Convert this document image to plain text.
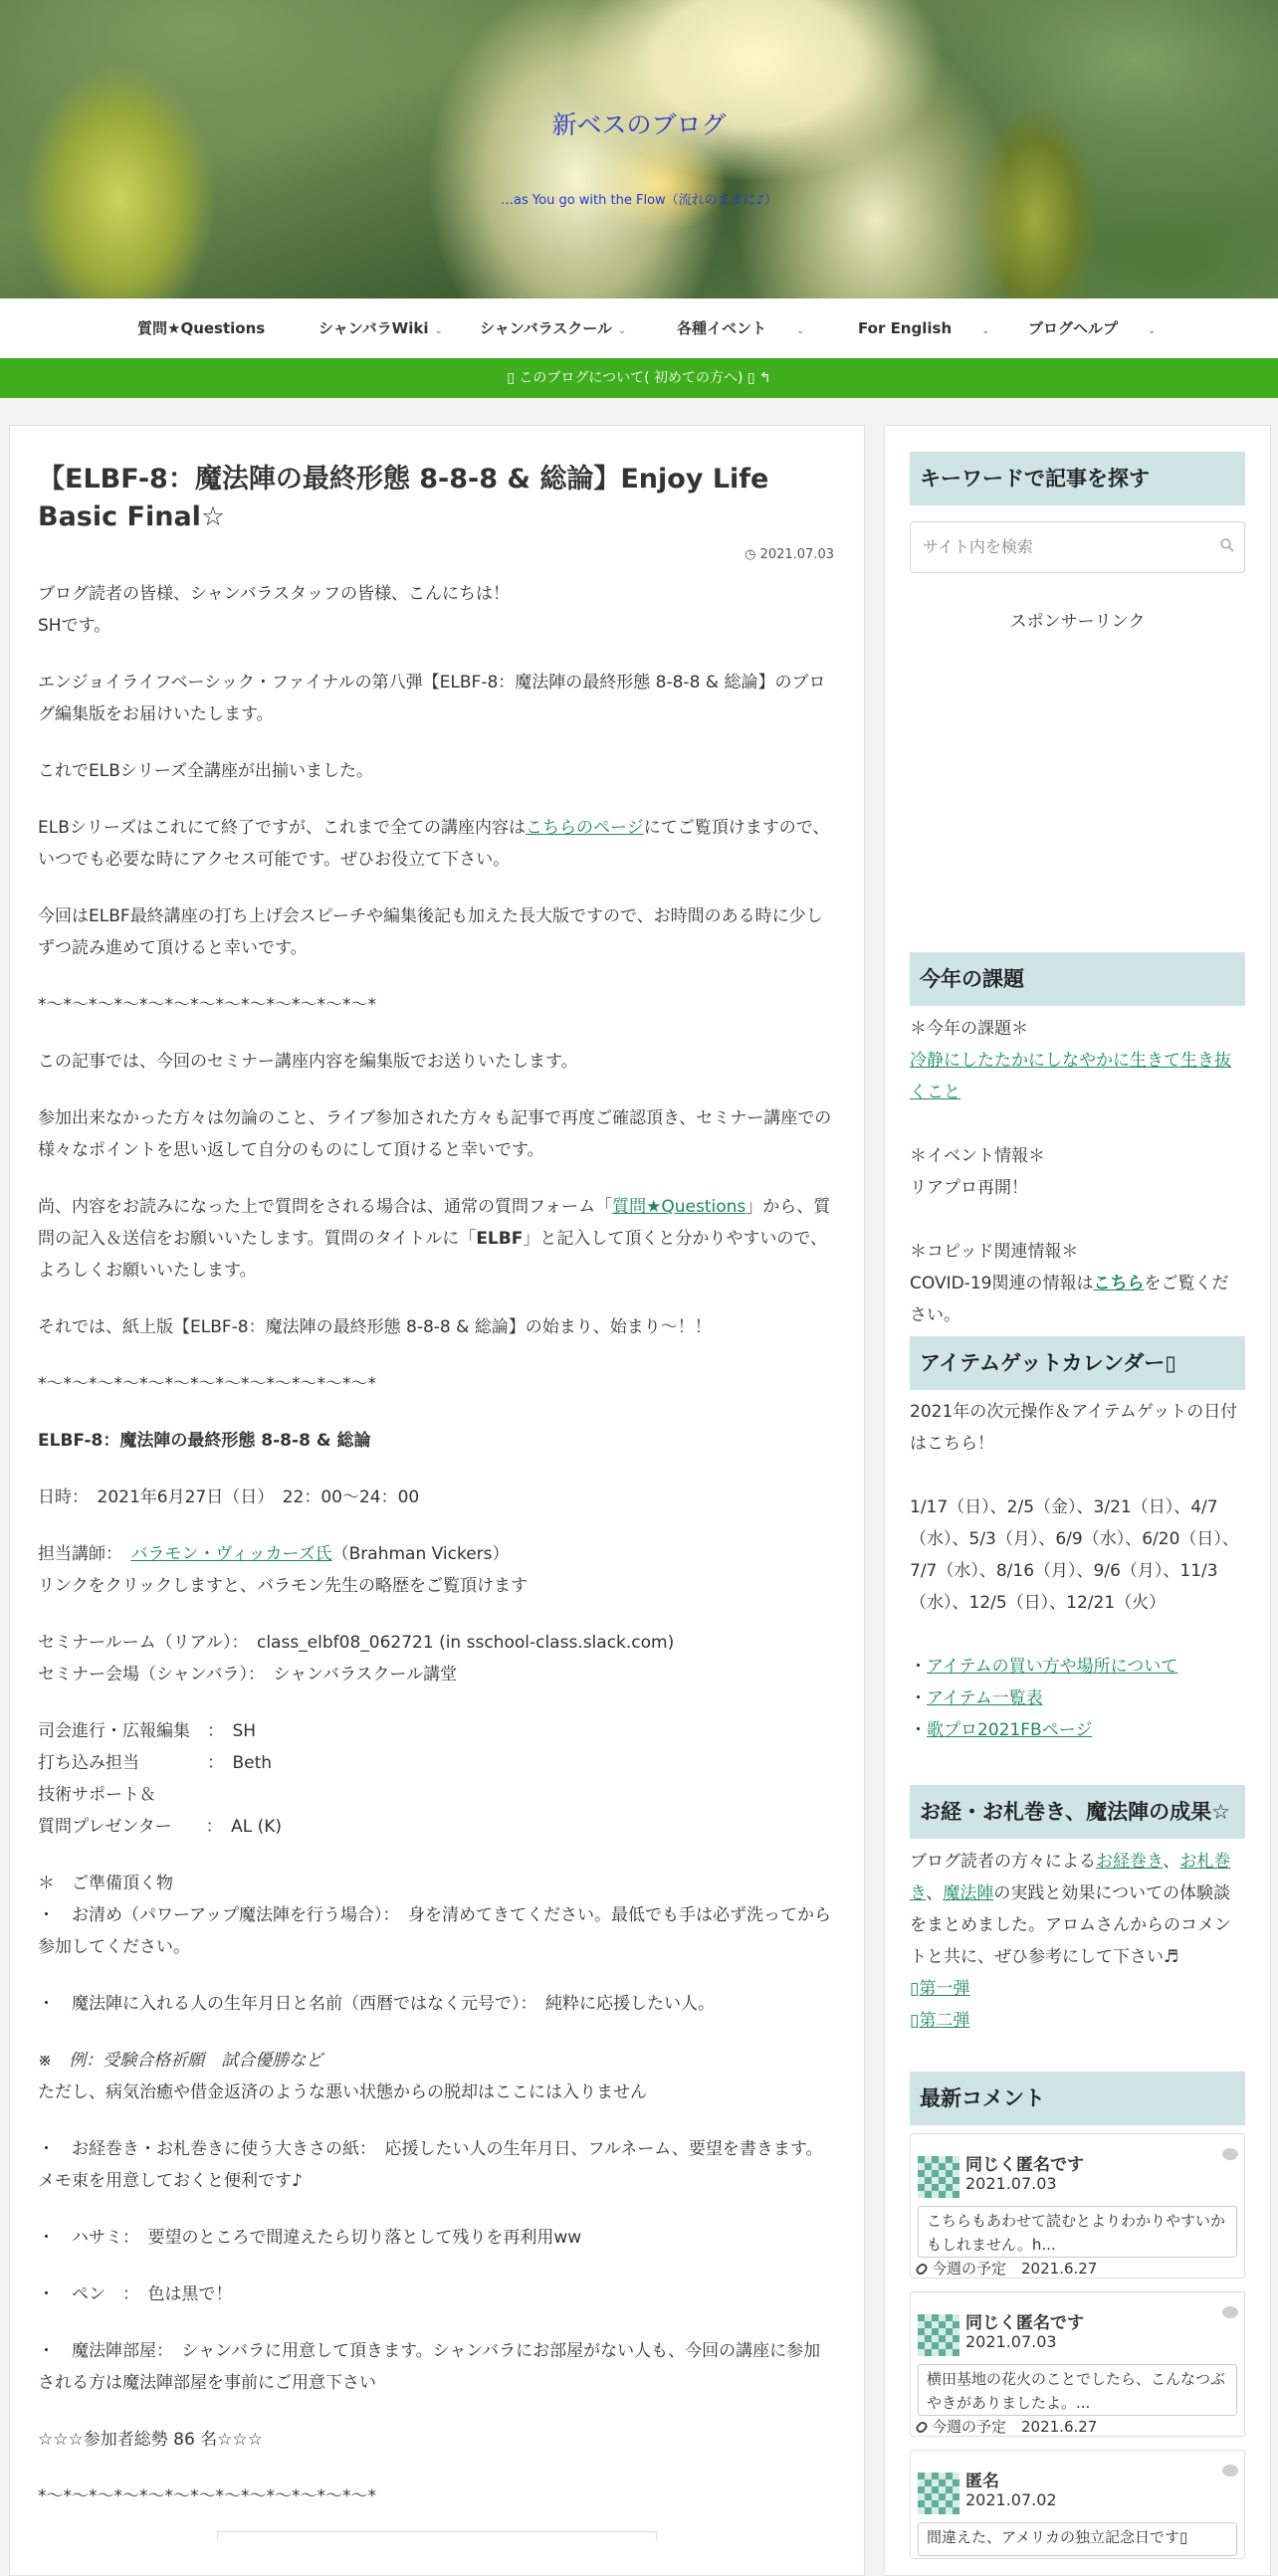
新ベスのブログ
…as You go with the Flow（流れのままに♪）
質問★Questions	シャンバラWiki ⌄ シャンバラスクール ⌄	各種イベント	⌄	For English	⌄	ブログヘルプ	⌄
▯ このブログについて( 初めての方へ) ▯ ↰
【ELBF-8：魔法陣の最終形態 8-8-8 & 総論】Enjoy Life Basic Final☆
◷ 2021.07.03

ブログ読者の皆様、シャンバラスタッフの皆様、こんにちは！
SHです。

エンジョイライフベーシック・ファイナルの第八弾【ELBF-8：魔法陣の最終形態 8-8-8 & 総論】のブログ編集版をお届けいたします。

これでELBシリーズ全講座が出揃いました。

ELBシリーズはこれにて終了ですが、これまで全ての講座内容はこちらのページにてご覧頂けますので、いつでも必要な時にアクセス可能です。ぜひお役立て下さい。

今回はELBF最終講座の打ち上げ会スピーチや編集後記も加えた長大版ですので、お時間のある時に少しずつ読み進めて頂けると幸いです。

*〜*〜*〜*〜*〜*〜*〜*〜*〜*〜*〜*〜*〜*

この記事では、今回のセミナー講座内容を編集版でお送りいたします。

参加出来なかった方々は勿論のこと、ライブ参加された方々も記事で再度ご確認頂き、セミナー講座での様々なポイントを思い返して自分のものにして頂けると幸いです。

尚、内容をお読みになった上で質問をされる場合は、通常の質問フォーム「質問★Questions」から、質問の記入＆送信をお願いいたします。質問のタイトルに「ELBF」と記入して頂くと分かりやすいので、よろしくお願いいたします。

それでは、紙上版【ELBF-8：魔法陣の最終形態 8-8-8 & 総論】の始まり、始まり〜！！

*〜*〜*〜*〜*〜*〜*〜*〜*〜*〜*〜*〜*〜*

ELBF-8：魔法陣の最終形態 8-8-8 & 総論

日時：　2021年6月27日（日）　22：00〜24：00

担当講師：　バラモン・ヴィッカーズ氏（Brahman Vickers）
リンクをクリックしますと、バラモン先生の略歴をご覧頂けます

セミナールーム（リアル）：　class_elbf08_062721 (in sschool-class.slack.com)
セミナー会場（シャンバラ）：　シャンバラスクール講堂

司会進行・広報編集　：　SH
打ち込み担当　　　　：　Beth
技術サポート＆
質問プレゼンター　　：　AL (K)

＊　ご準備頂く物
・　お清め（パワーアップ魔法陣を行う場合）：　身を清めてきてください。最低でも手は必ず洗ってから参加してください。

・　魔法陣に入れる人の生年月日と名前（西暦ではなく元号で）：　純粋に応援したい人。

※　例：受験合格祈願　試合優勝など
ただし、病気治癒や借金返済のような悪い状態からの脱却はここには入りません

・　お経巻き・お札巻きに使う大きさの紙：　応援したい人の生年月日、フルネーム、要望を書きます。メモ束を用意しておくと便利です♪

・　ハサミ：　要望のところで間違えたら切り落として残りを再利用ww

・　ペン　：　色は黒で！

・　魔法陣部屋：　シャンバラに用意して頂きます。シャンバラにお部屋がない人も、今回の講座に参加される方は魔法陣部屋を事前にご用意下さい

☆☆☆参加者総勢 86 名☆☆☆

*〜*〜*〜*〜*〜*〜*〜*〜*〜*〜*〜*〜*〜*

キーワードで記事を探す
サイト内を検索
スポンサーリンク
今年の課題

＊今年の課題＊

冷静にしたたかにしなやかに生きて生き抜くこと

＊イベント情報＊

リアプロ再開！

＊コピッド関連情報＊

COVID-19関連の情報はこちらをご覧ください。

アイテムゲットカレンダー▯

2021年の次元操作＆アイテムゲットの日付はこちら！

1/17（日）、2/5（金）、3/21（日）、4/7（水）、5/3（月）、6/9（水）、6/20（日）、7/7（水）、8/16（月）、9/6（月）、11/3（水）、12/5（日）、12/21（火）

・アイテムの買い方や場所について

・アイテム一覧表

・歌プロ2021FBページ

お経・お札巻き、魔法陣の成果☆

ブログ読者の方々によるお経巻き、お札巻き、魔法陣の実践と効果についての体験談をまとめました。アロムさんからのコメントと共に、ぜひ参考にして下さい♬

▯第一弾

▯第二弾

最新コメント
同じく匿名です
2021.07.03
こちらもあわせて読むとよりわかりやすいかもしれません。h...
今週の予定　2021.6.27
同じく匿名です
2021.07.03
横田基地の花火のことでしたら、こんなつぶやきがありましたよ。...
今週の予定　2021.6.27
匿名
2021.07.02
間違えた、アメリカの独立記念日です▯
